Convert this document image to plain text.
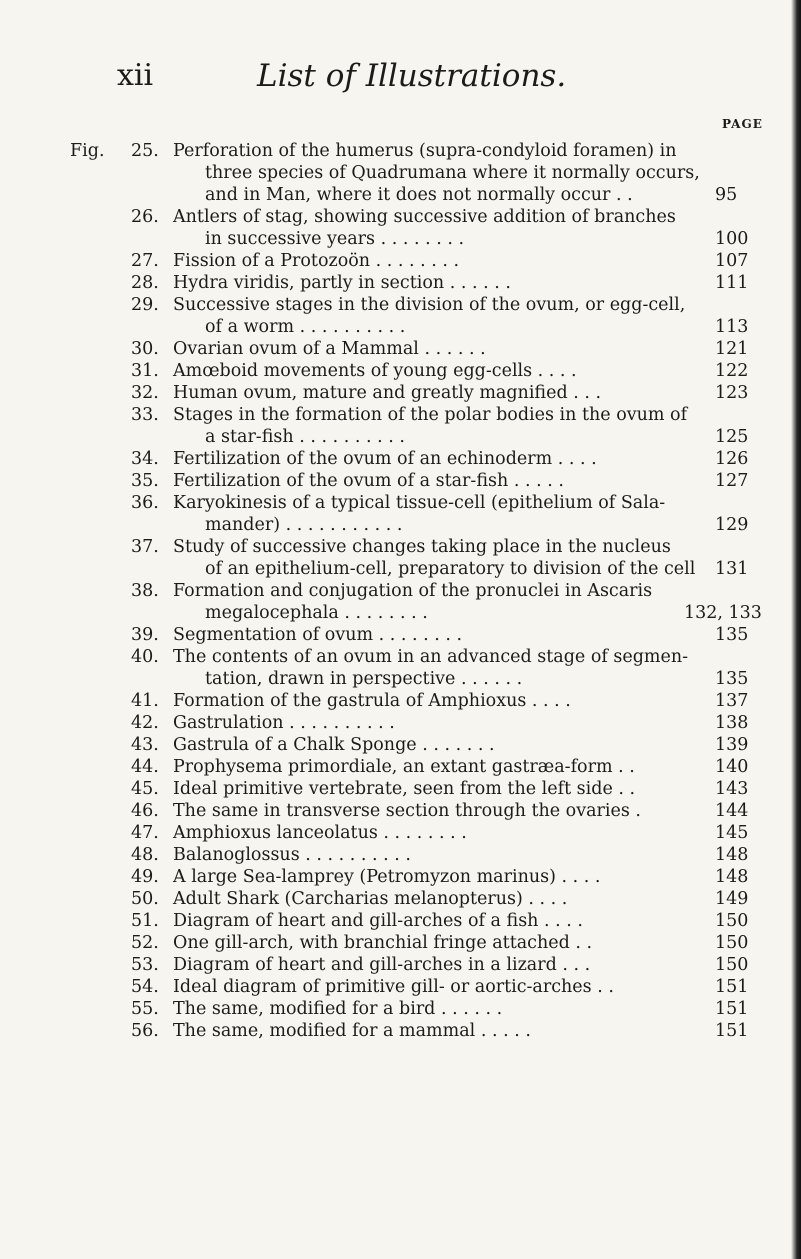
xii	List of Illustrations.
PAGE
Fig. 25. Perforation of the humerus (supra-condyloid foramen) in
three species of Quadrumana where it normally occurs,
and in Man, where it does not normally occur . .	95
26. Antlers of stag, showing successive addition of branches
in successive years . . . . . . . .	100
27. Fission of a Protozoön . . . . . . . .	107
28. Hydra viridis, partly in section . . . . . .	111
29. Successive stages in the division of the ovum, or egg-cell,
of a worm . . . . . . . . . .	113
30. Ovarian ovum of a Mammal . . . . . .	121
31. Amœboid movements of young egg-cells . . . .	122
32. Human ovum, mature and greatly magnified . . .	123
33. Stages in the formation of the polar bodies in the ovum of
a star-fish . . . . . . . . . .	125
34. Fertilization of the ovum of an echinoderm . . . .	126
35. Fertilization of the ovum of a star-fish . . . . .	127
36. Karyokinesis of a typical tissue-cell (epithelium of Sala-
mander) . . . . . . . . . . .	129
37. Study of successive changes taking place in the nucleus
of an epithelium-cell, preparatory to division of the cell 131
38. Formation and conjugation of the pronuclei in Ascaris
megalocephala . . . . . . . .	132, 133
39. Segmentation of ovum . . . . . . . .	135
40. The contents of an ovum in an advanced stage of segmen-
tation, drawn in perspective . . . . . .	135
41. Formation of the gastrula of Amphioxus . . . .	137
42. Gastrulation . . . . . . . . . .	138
43. Gastrula of a Chalk Sponge . . . . . . .	139
44. Prophysema primordiale, an extant gastræa-form . .	140
45. Ideal primitive vertebrate, seen from the left side . .	143
46. The same in transverse section through the ovaries .	144
47. Amphioxus lanceolatus . . . . . . . .	145
48. Balanoglossus . . . . . . . . . .	148
49. A large Sea-lamprey (Petromyzon marinus) . . . .	148
50. Adult Shark (Carcharias melanopterus) . . . .	149
51. Diagram of heart and gill-arches of a fish . . . .	150
52. One gill-arch, with branchial fringe attached . .	150
53. Diagram of heart and gill-arches in a lizard . . .	150
54. Ideal diagram of primitive gill- or aortic-arches . .	151
55. The same, modified for a bird . . . . . .	151
56. The same, modified for a mammal . . . . .	151
